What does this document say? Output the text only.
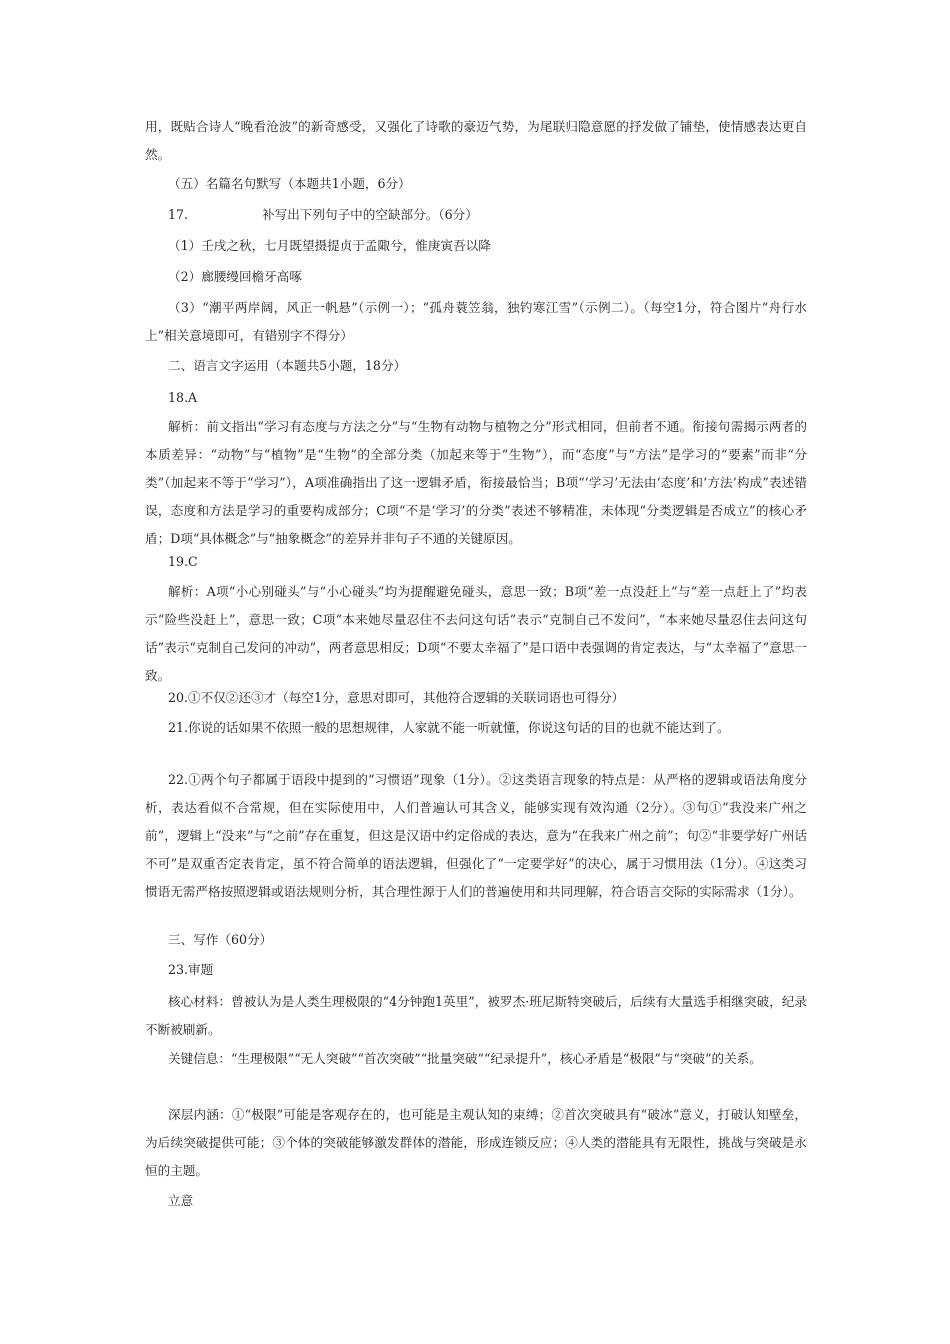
用，既贴合诗人“晚看沧波”的新奇感受，又强化了诗歌的豪迈气势，为尾联归隐意愿的抒发做了铺垫，使情感表达更自然。

（五）名篇名句默写（本题共1小题，6分）

17.	补写出下列句子中的空缺部分。（6分）

（1）壬戌之秋，七月既望摄提贞于孟陬兮，惟庚寅吾以降

（2）廊腰缦回檐牙高啄

（3）“潮平两岸阔，风正一帆悬”（示例一）；“孤舟蓑笠翁，独钓寒江雪”（示例二）。（每空1分，符合图片“舟行水上”相关意境即可，有错别字不得分）

二、语言文字运用（本题共5小题，18分）

18.A

解析：前文指出“学习有态度与方法之分”与“生物有动物与植物之分”形式相同，但前者不通。衔接句需揭示两者的本质差异：“动物”与“植物”是“生物”的全部分类（加起来等于“生物”），而“态度”与“方法”是学习的“要素”而非“分类”（加起来不等于“学习”），A项准确指出了这一逻辑矛盾，衔接最恰当；B项“‘学习’无法由‘态度’和‘方法’构成”表述错误，态度和方法是学习的重要构成部分；C项“不是‘学习’的分类”表述不够精准，未体现“分类逻辑是否成立”的核心矛盾；D项“具体概念”与“抽象概念”的差异并非句子不通的关键原因。

19.C

解析：A项“小心别碰头”与“小心碰头”均为提醒避免碰头，意思一致；B项“差一点没赶上”与“差一点赶上了”均表示“险些没赶上”，意思一致；C项“本来她尽量忍住不去问这句话”表示“克制自己不发问”，“本来她尽量忍住去问这句话”表示“克制自己发问的冲动”，两者意思相反；D项“不要太幸福了”是口语中表强调的肯定表达，与“太幸福了”意思一致。

20.①不仅②还③才（每空1分，意思对即可，其他符合逻辑的关联词语也可得分）

21.你说的话如果不依照一般的思想规律，人家就不能一听就懂，你说这句话的目的也就不能达到了。

22.①两个句子都属于语段中提到的“习惯语”现象（1分）。②这类语言现象的特点是：从严格的逻辑或语法角度分析，表达看似不合常规，但在实际使用中，人们普遍认可其含义，能够实现有效沟通（2分）。③句①“我没来广州之前”，逻辑上“没来”与“之前”存在重复，但这是汉语中约定俗成的表达，意为“在我来广州之前”；句②“非要学好广州话不可”是双重否定表肯定，虽不符合简单的语法逻辑，但强化了“一定要学好”的决心，属于习惯用法（1分）。④这类习惯语无需严格按照逻辑或语法规则分析，其合理性源于人们的普遍使用和共同理解，符合语言交际的实际需求（1分）。

三、写作（60分）

23.审题

核心材料：曾被认为是人类生理极限的“4分钟跑1英里”，被罗杰·班尼斯特突破后，后续有大量选手相继突破，纪录不断被刷新。

关键信息：“生理极限”“无人突破”“首次突破”“批量突破”“纪录提升”，核心矛盾是“极限”与“突破”的关系。

深层内涵：①“极限”可能是客观存在的，也可能是主观认知的束缚；②首次突破具有“破冰”意义，打破认知壁垒，为后续突破提供可能；③个体的突破能够激发群体的潜能，形成连锁反应；④人类的潜能具有无限性，挑战与突破是永恒的主题。

立意
